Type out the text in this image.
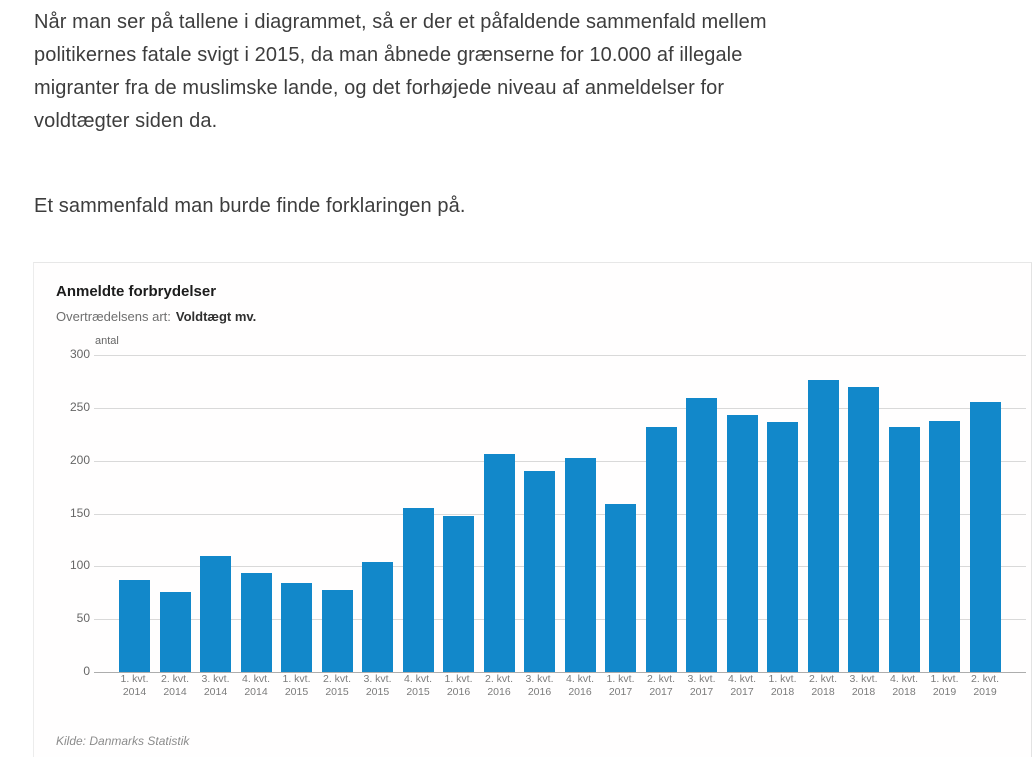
Når man ser på tallene i diagrammet, så er der et påfaldende sammenfald mellem
politikernes fatale svigt i 2015, da man åbnede grænserne for 10.000 af illegale
migranter fra de muslimske lande, og det forhøjede niveau af anmeldelser for
voldtægter siden da.

Et sammenfald man burde finde forklaringen på.

Anmeldte forbrydelser
Overtrædelsens art: Voldtægt mv.
antal
0
50
100
150
200
250
300
1. kvt.
2014
2. kvt.
2014
3. kvt.
2014
4. kvt.
2014
1. kvt.
2015
2. kvt.
2015
3. kvt.
2015
4. kvt.
2015
1. kvt.
2016
2. kvt.
2016
3. kvt.
2016
4. kvt.
2016
1. kvt.
2017
2. kvt.
2017
3. kvt.
2017
4. kvt.
2017
1. kvt.
2018
2. kvt.
2018
3. kvt.
2018
4. kvt.
2018
1. kvt.
2019
2. kvt.
2019
Kilde: Danmarks Statistik
